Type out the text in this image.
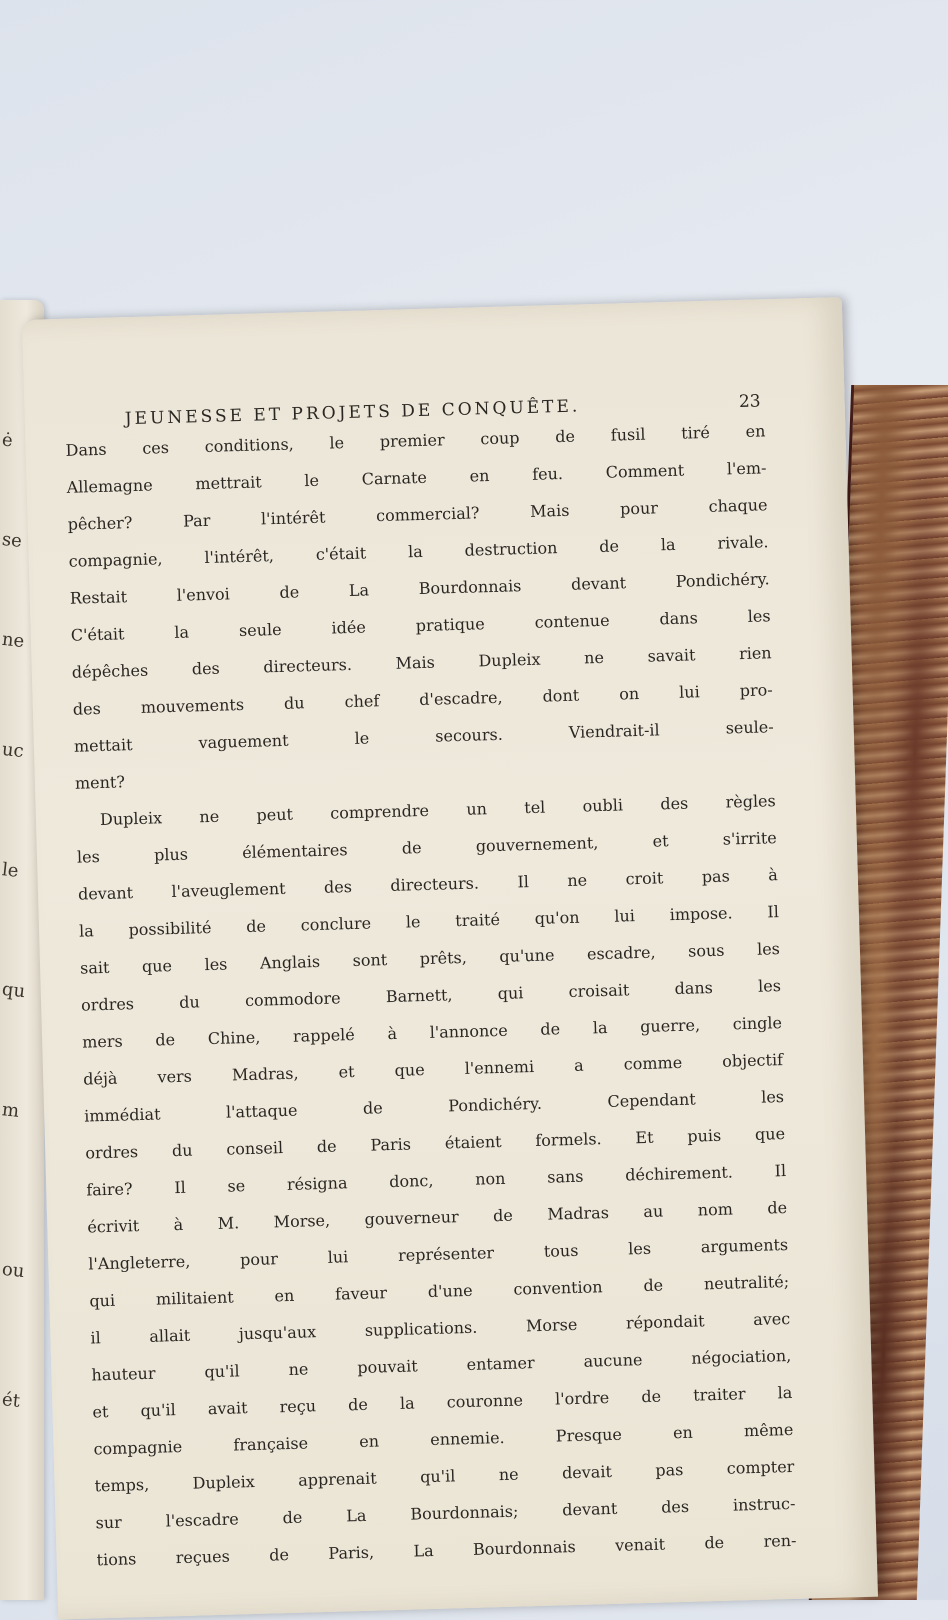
ė
se
ne
uc
le
qu
m
ou
ét
JEUNESSE ET PROJETS DE CONQUÊTE.	23
Dans ces conditions, le premier coup de fusil tiré en
Allemagne mettrait le Carnate en feu. Comment l'em-
pêcher? Par l'intérêt commercial? Mais pour chaque
compagnie, l'intérêt, c'était la destruction de la rivale.
Restait l'envoi de La Bourdonnais devant Pondichéry.
C'était la seule idée pratique contenue dans les
dépêches des directeurs. Mais Dupleix ne savait rien
des mouvements du chef d'escadre, dont on lui pro-
mettait vaguement le secours. Viendrait-il seule-
ment?
Dupleix ne peut comprendre un tel oubli des règles
les plus élémentaires de gouvernement, et s'irrite
devant l'aveuglement des directeurs. Il ne croit pas à
la possibilité de conclure le traité qu'on lui impose. Il
sait que les Anglais sont prêts, qu'une escadre, sous les
ordres du commodore Barnett, qui croisait dans les
mers de Chine, rappelé à l'annonce de la guerre, cingle
déjà vers Madras, et que l'ennemi a comme objectif
immédiat l'attaque de Pondichéry. Cependant les
ordres du conseil de Paris étaient formels. Et puis que
faire? Il se résigna donc, non sans déchirement. Il
écrivit à M. Morse, gouverneur de Madras au nom de
l'Angleterre, pour lui représenter tous les arguments
qui militaient en faveur d'une convention de neutralité;
il allait jusqu'aux supplications. Morse répondait avec
hauteur qu'il ne pouvait entamer aucune négociation,
et qu'il avait reçu de la couronne l'ordre de traiter la
compagnie française en ennemie. Presque en même
temps, Dupleix apprenait qu'il ne devait pas compter
sur l'escadre de La Bourdonnais; devant des instruc-
tions reçues de Paris, La Bourdonnais venait de ren-
